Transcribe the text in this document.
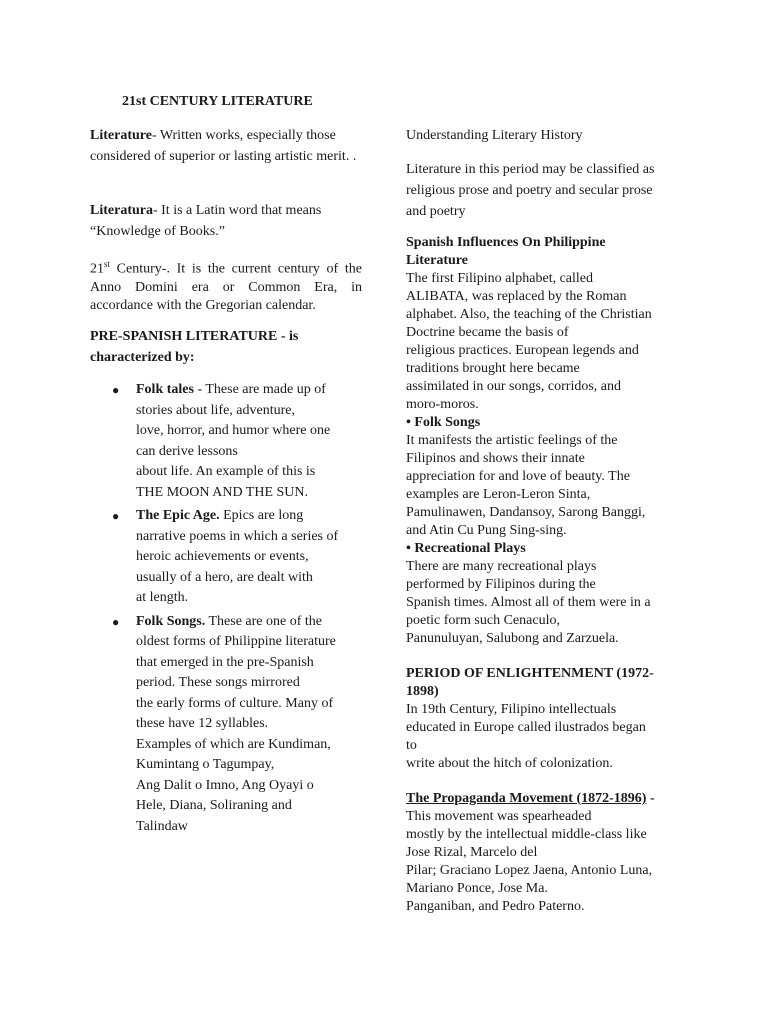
21st CENTURY LITERATURE

Literature- Written works, especially those considered of superior or lasting artistic merit. .

Literatura- It is a Latin word that means “Knowledge of Books.”

21st Century-. It is the current century of the Anno Domini era or Common Era, in accordance with the Gregorian calendar.

PRE-SPANISH LITERATURE - is
characterized by:

● Folk tales - These are made up of
stories about life, adventure,
love, horror, and humor where one
can derive lessons
about life. An example of this is
THE MOON AND THE SUN.
● The Epic Age. Epics are long
narrative poems in which a series of
heroic achievements or events,
usually of a hero, are dealt with
at length.
● Folk Songs. These are one of the
oldest forms of Philippine literature
that emerged in the pre-Spanish
period. These songs mirrored
the early forms of culture. Many of
these have 12 syllables.
Examples of which are Kundiman,
Kumintang o Tagumpay,
Ang Dalit o Imno, Ang Oyayi o
Hele, Diana, Soliraning and
Talindaw

Understanding Literary History

Literature in this period may be classified as
religious prose and poetry and secular prose
and poetry

Spanish Influences On Philippine
Literature
The first Filipino alphabet, called
ALIBATA, was replaced by the Roman
alphabet. Also, the teaching of the Christian
Doctrine became the basis of
religious practices. European legends and
traditions brought here became
assimilated in our songs, corridos, and
moro-moros.
• Folk Songs
It manifests the artistic feelings of the
Filipinos and shows their innate
appreciation for and love of beauty. The
examples are Leron-Leron Sinta,
Pamulinawen, Dandansoy, Sarong Banggi,
and Atin Cu Pung Sing-sing.
• Recreational Plays
There are many recreational plays
performed by Filipinos during the
Spanish times. Almost all of them were in a
poetic form such Cenaculo,
Panunuluyan, Salubong and Zarzuela.
PERIOD OF ENLIGHTENMENT (1972-
1898)
In 19th Century, Filipino intellectuals
educated in Europe called ilustrados began
to
write about the hitch of colonization.
The Propaganda Movement (1872-1896) -
This movement was spearheaded
mostly by the intellectual middle-class like
Jose Rizal, Marcelo del
Pilar; Graciano Lopez Jaena, Antonio Luna,
Mariano Ponce, Jose Ma.
Panganiban, and Pedro Paterno.
